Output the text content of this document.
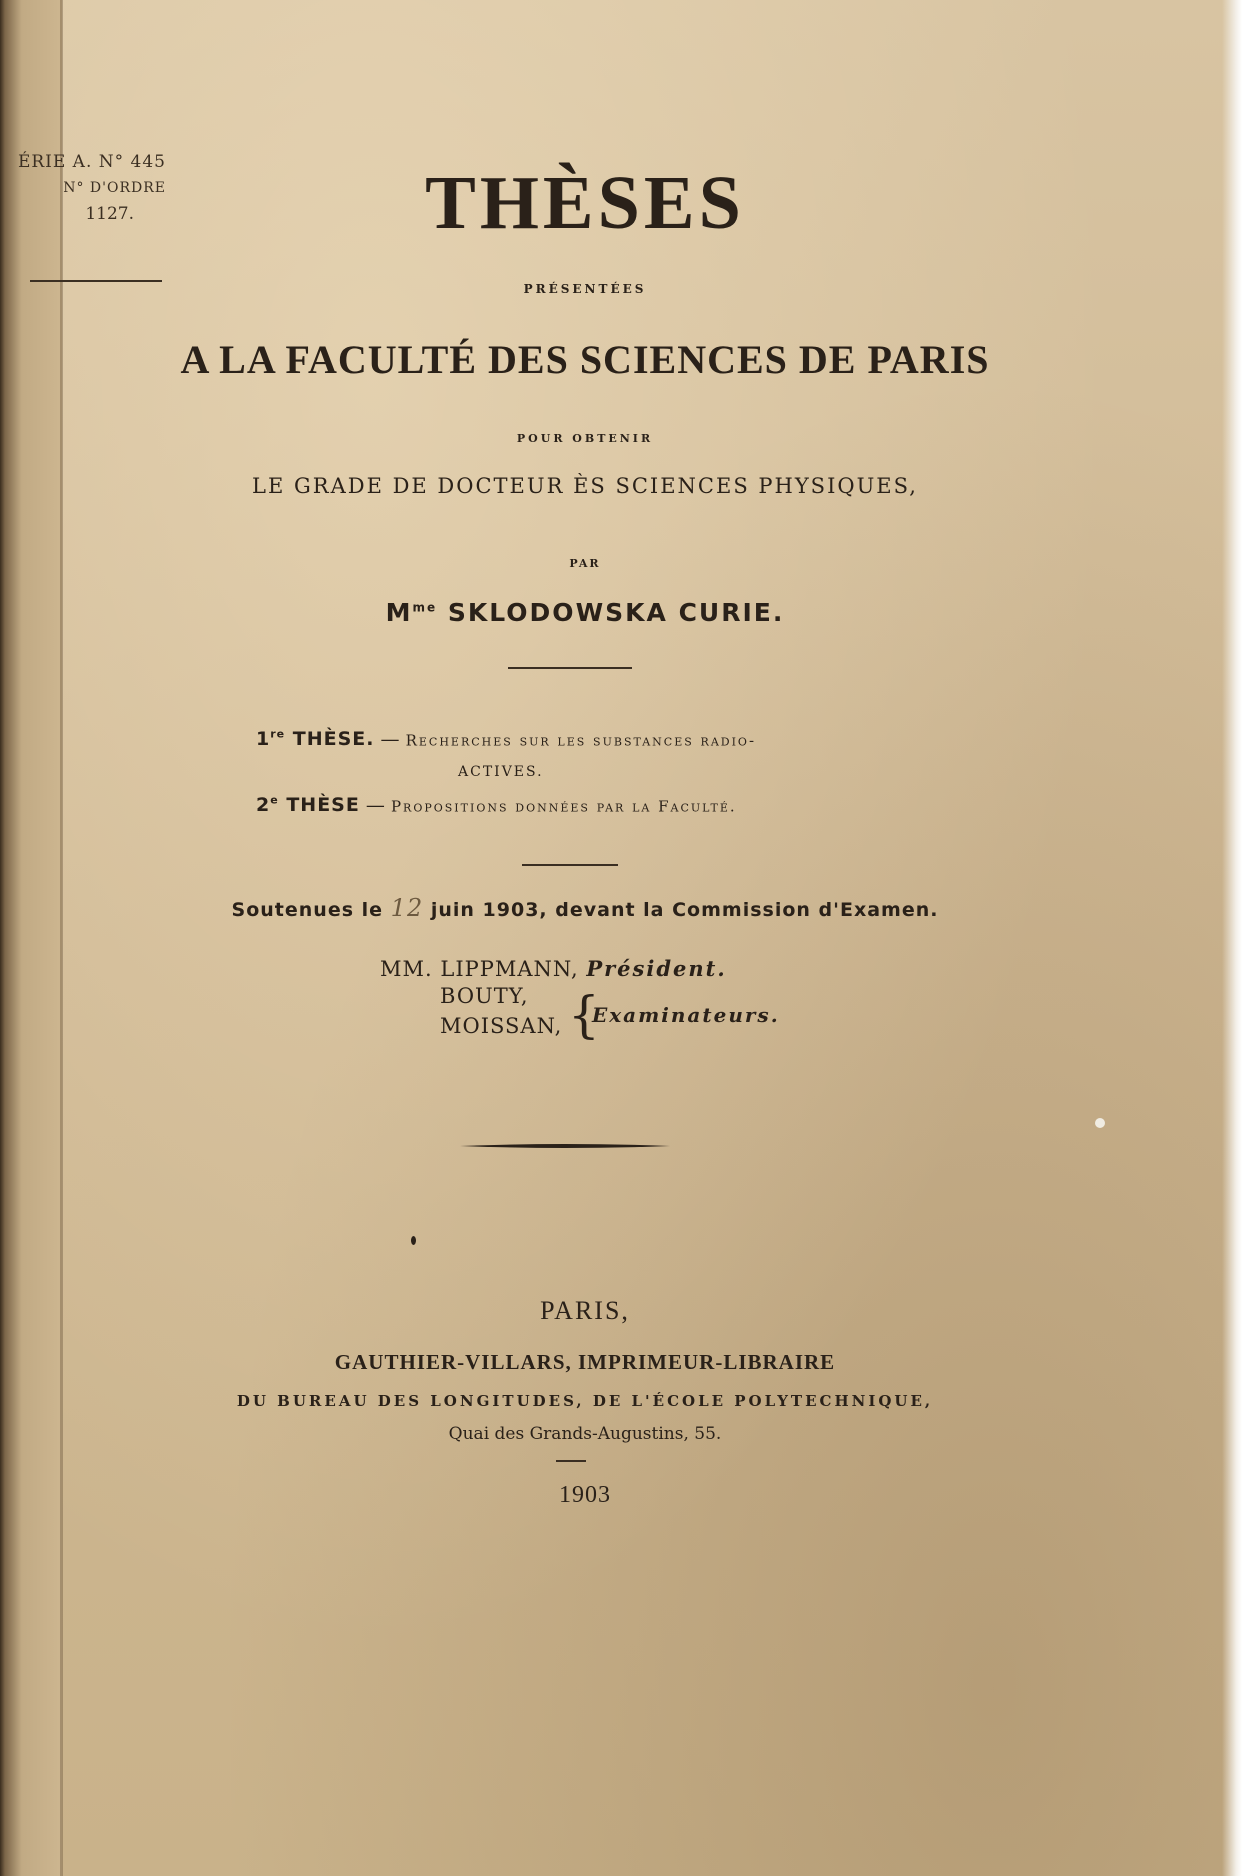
ÉRIE A. N° 445
N° D'ORDRE
1127.	THÈSES
PRÉSENTÉES
A LA FACULTÉ DES SCIENCES DE PARIS
POUR OBTENIR
LE GRADE DE DOCTEUR ÈS SCIENCES PHYSIQUES,
PAR
$M^{me}$ SKLODOWSKA CURIE.
1re THÈSE. — Recherches sur les substances radio-
ACTIVES.
2e THÈSE — Propositions données par la Faculté.
Soutenues le 12 juin 1903, devant la Commission d'Examen.
MM. LIPPMANN, Président.
BOUTY,
MOISSAN, {
Examinateurs.
PARIS,
GAUTHIER-VILLARS, IMPRIMEUR-LIBRAIRE
DU BUREAU DES LONGITUDES, DE L'ÉCOLE POLYTECHNIQUE,
Quai des Grands-Augustins, 55.
1903
